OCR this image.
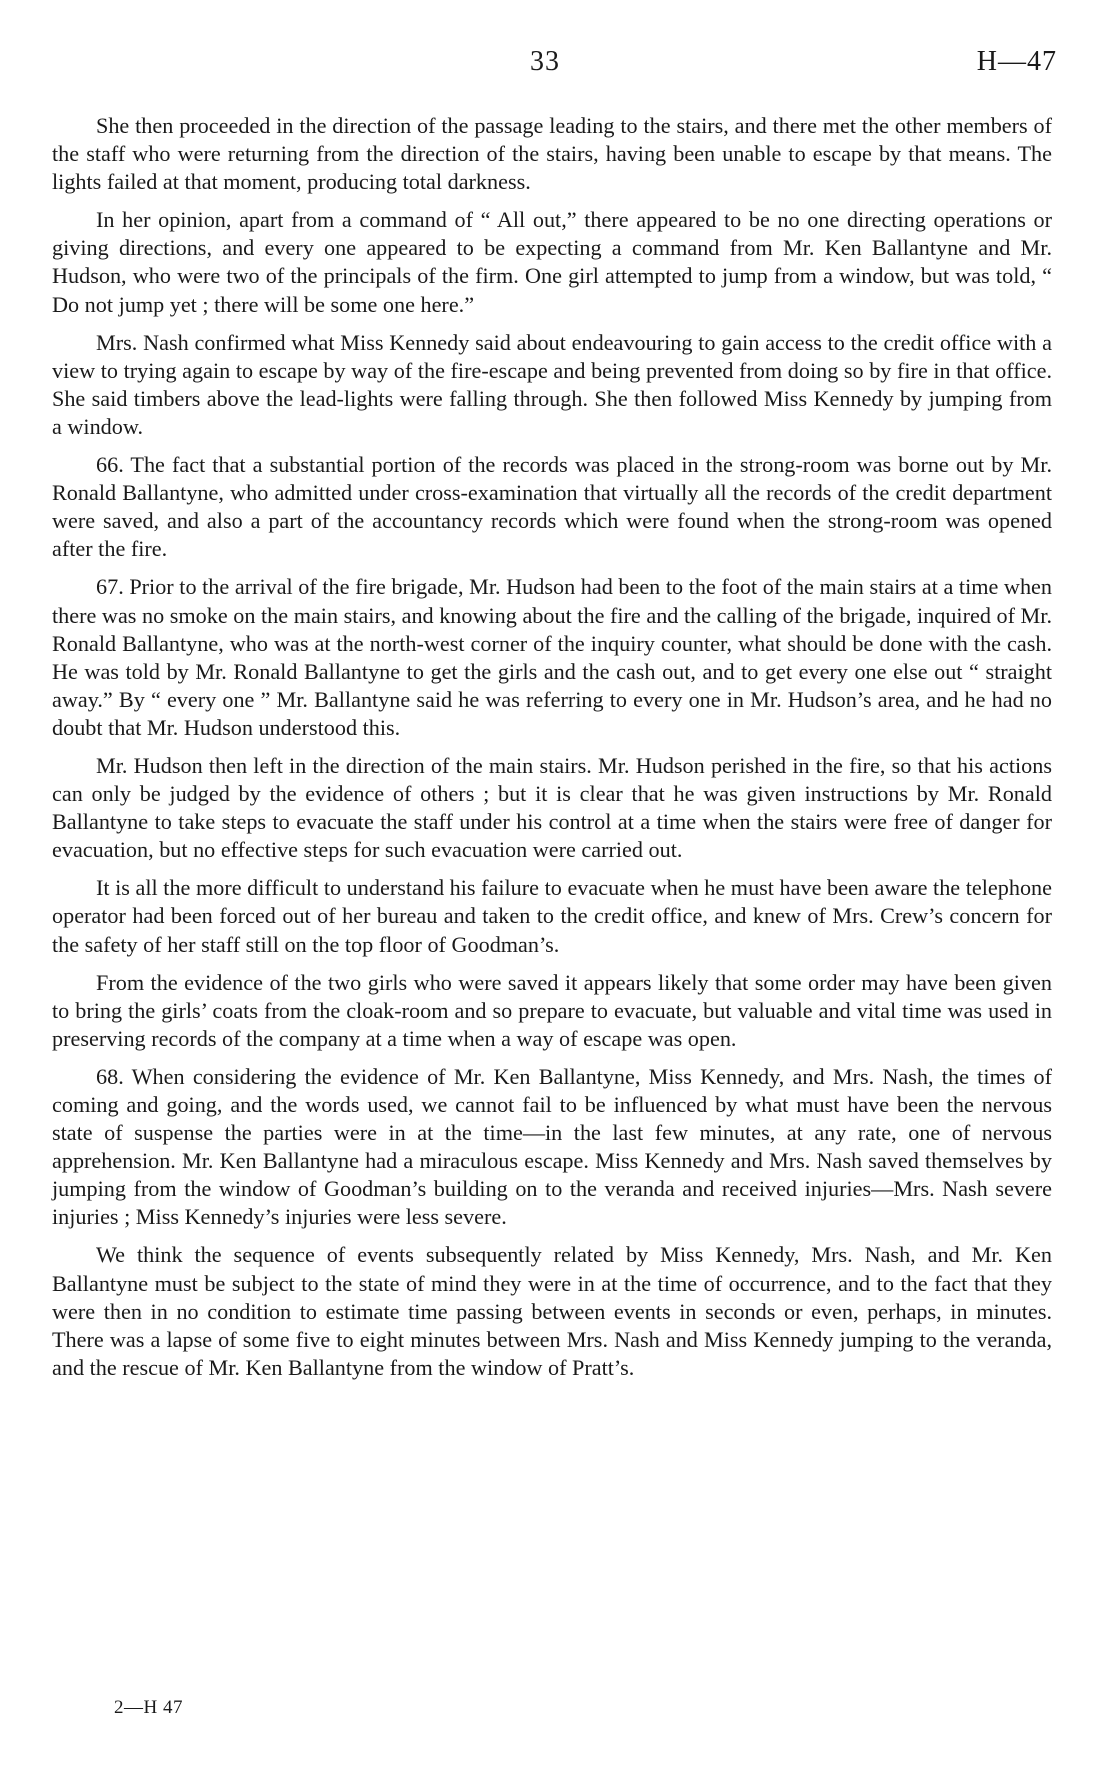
33	H—47

She then proceeded in the direction of the passage leading to the stairs, and there met the other members of the staff who were returning from the direction of the stairs, having been unable to escape by that means. The lights failed at that moment, producing total darkness.

In her opinion, apart from a command of “ All out,” there appeared to be no one directing operations or giving directions, and every one appeared to be expecting a command from Mr. Ken Ballantyne and Mr. Hudson, who were two of the principals of the firm. One girl attempted to jump from a window, but was told, “ Do not jump yet ; there will be some one here.”

Mrs. Nash confirmed what Miss Kennedy said about endeavouring to gain access to the credit office with a view to trying again to escape by way of the fire-escape and being prevented from doing so by fire in that office. She said timbers above the lead-lights were falling through. She then followed Miss Kennedy by jumping from a window.

66. The fact that a substantial portion of the records was placed in the strong-room was borne out by Mr. Ronald Ballantyne, who admitted under cross-examination that virtually all the records of the credit department were saved, and also a part of the accountancy records which were found when the strong-room was opened after the fire.

67. Prior to the arrival of the fire brigade, Mr. Hudson had been to the foot of the main stairs at a time when there was no smoke on the main stairs, and knowing about the fire and the calling of the brigade, inquired of Mr. Ronald Ballantyne, who was at the north-west corner of the inquiry counter, what should be done with the cash. He was told by Mr. Ronald Ballantyne to get the girls and the cash out, and to get every one else out “ straight away.” By “ every one ” Mr. Ballantyne said he was referring to every one in Mr. Hudson’s area, and he had no doubt that Mr. Hudson understood this.

Mr. Hudson then left in the direction of the main stairs. Mr. Hudson perished in the fire, so that his actions can only be judged by the evidence of others ; but it is clear that he was given instructions by Mr. Ronald Ballantyne to take steps to evacuate the staff under his control at a time when the stairs were free of danger for evacuation, but no effective steps for such evacuation were carried out.

It is all the more difficult to understand his failure to evacuate when he must have been aware the telephone operator had been forced out of her bureau and taken to the credit office, and knew of Mrs. Crew’s concern for the safety of her staff still on the top floor of Goodman’s.

From the evidence of the two girls who were saved it appears likely that some order may have been given to bring the girls’ coats from the cloak-room and so prepare to evacuate, but valuable and vital time was used in preserving records of the company at a time when a way of escape was open.

68. When considering the evidence of Mr. Ken Ballantyne, Miss Kennedy, and Mrs. Nash, the times of coming and going, and the words used, we cannot fail to be influenced by what must have been the nervous state of suspense the parties were in at the time—in the last few minutes, at any rate, one of nervous apprehension. Mr. Ken Ballantyne had a miraculous escape. Miss Kennedy and Mrs. Nash saved themselves by jumping from the window of Goodman’s building on to the veranda and received injuries—Mrs. Nash severe injuries ; Miss Kennedy’s injuries were less severe.

We think the sequence of events subsequently related by Miss Kennedy, Mrs. Nash, and Mr. Ken Ballantyne must be subject to the state of mind they were in at the time of occurrence, and to the fact that they were then in no condition to estimate time passing between events in seconds or even, perhaps, in minutes. There was a lapse of some five to eight minutes between Mrs. Nash and Miss Kennedy jumping to the veranda, and the rescue of Mr. Ken Ballantyne from the window of Pratt’s.

2—H 47
